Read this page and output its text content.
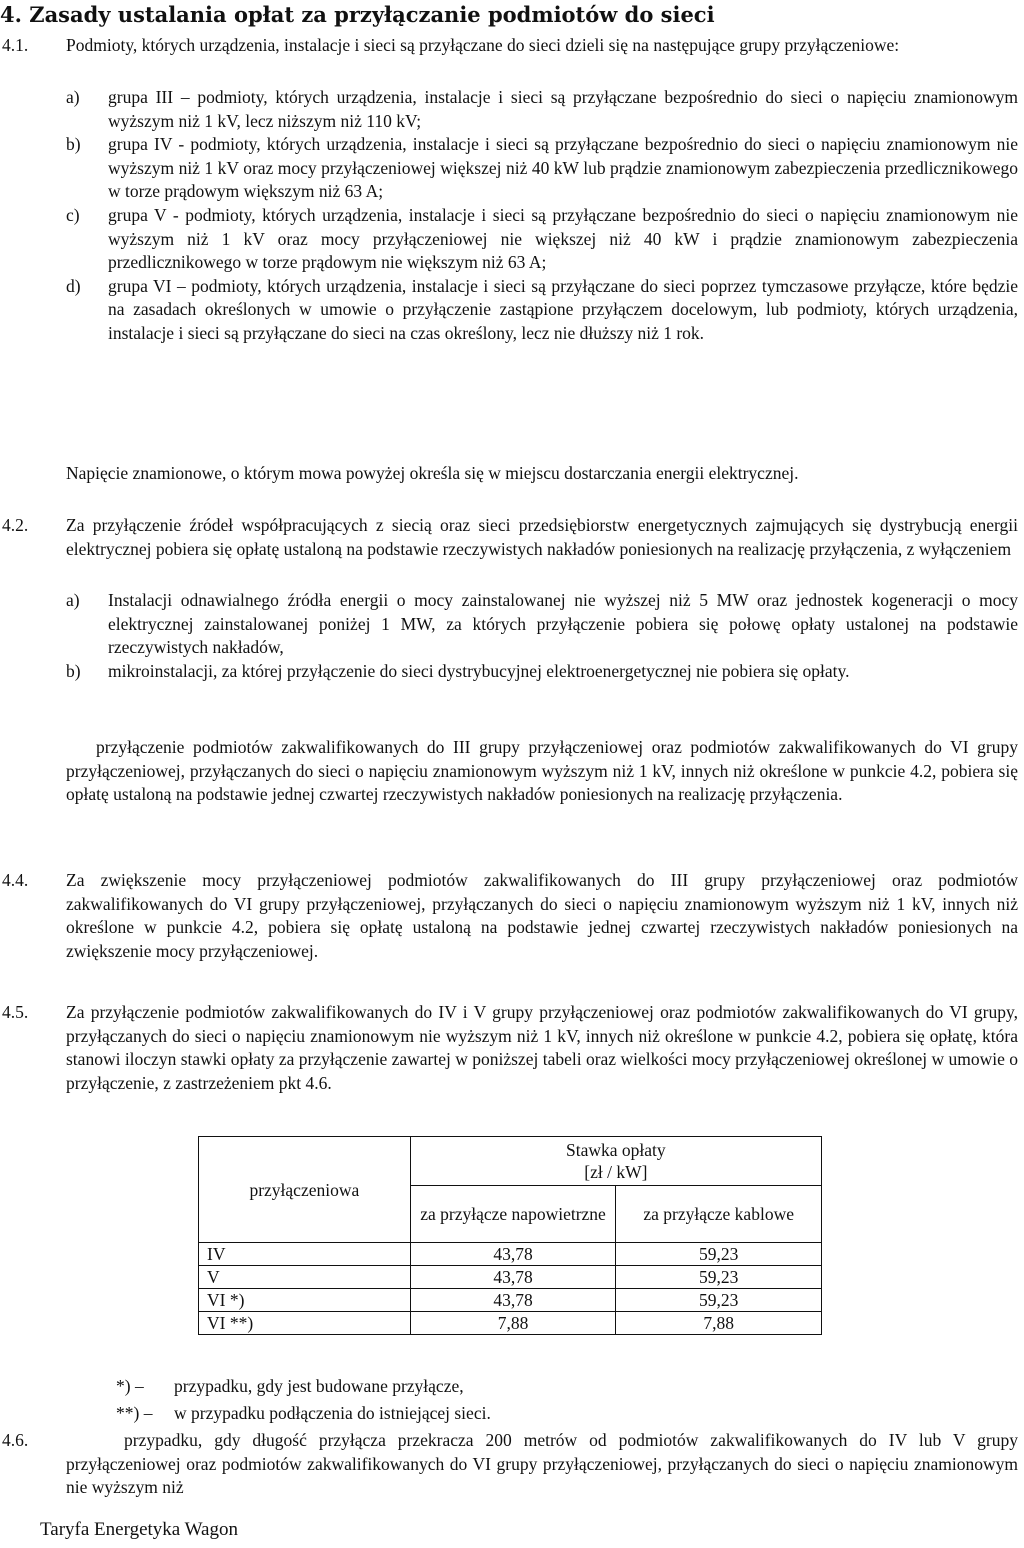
4. Zasady ustalania opłat za przyłączanie podmiotów do sieci
4.1. Podmioty, których urządzenia, instalacje i sieci są przyłączane do sieci dzieli się na następujące grupy przyłączeniowe:
a) grupa III – podmioty, których urządzenia, instalacje i sieci są przyłączane bezpośrednio do sieci o napięciu znamionowym wyższym niż 1 kV, lecz niższym niż 110 kV;
b) grupa IV - podmioty, których urządzenia, instalacje i sieci są przyłączane bezpośrednio do sieci o napięciu znamionowym nie wyższym niż 1 kV oraz mocy przyłączeniowej większej niż 40 kW lub prądzie znamionowym zabezpieczenia przedlicznikowego w torze prądowym większym niż 63 A;
c) grupa V - podmioty, których urządzenia, instalacje i sieci są przyłączane bezpośrednio do sieci o napięciu znamionowym nie wyższym niż 1 kV oraz mocy przyłączeniowej nie większej niż 40 kW i prądzie znamionowym zabezpieczenia przedlicznikowego w torze prądowym nie większym niż 63 A;
d) grupa VI – podmioty, których urządzenia, instalacje i sieci są przyłączane do sieci poprzez tymczasowe przyłącze, które będzie na zasadach określonych w umowie o przyłączenie zastąpione przyłączem docelowym, lub podmioty, których urządzenia, instalacje i sieci są przyłączane do sieci na czas określony, lecz nie dłuższy niż 1 rok.
Napięcie znamionowe, o którym mowa powyżej określa się w miejscu dostarczania energii elektrycznej.
4.2. Za przyłączenie źródeł współpracujących z siecią oraz sieci przedsiębiorstw energetycznych zajmujących się dystrybucją energii elektrycznej pobiera się opłatę ustaloną na podstawie rzeczywistych nakładów poniesionych na realizację przyłączenia, z wyłączeniem
a) Instalacji odnawialnego źródła energii o mocy zainstalowanej nie wyższej niż 5 MW oraz jednostek kogeneracji o mocy elektrycznej zainstalowanej poniżej 1 MW, za których przyłączenie pobiera się połowę opłaty ustalonej na podstawie rzeczywistych nakładów,
b) mikroinstalacji, za której przyłączenie do sieci dystrybucyjnej elektroenergetycznej nie pobiera się opłaty.
przyłączenie podmiotów zakwalifikowanych do III grupy przyłączeniowej oraz podmiotów zakwalifikowanych do VI grupy przyłączeniowej, przyłączanych do sieci o napięciu znamionowym wyższym niż 1 kV, innych niż określone w punkcie 4.2, pobiera się opłatę ustaloną na podstawie jednej czwartej rzeczywistych nakładów poniesionych na realizację przyłączenia.
4.4. Za zwiększenie mocy przyłączeniowej podmiotów zakwalifikowanych do III grupy przyłączeniowej oraz podmiotów zakwalifikowanych do VI grupy przyłączeniowej, przyłączanych do sieci o napięciu znamionowym wyższym niż 1 kV, innych niż określone w punkcie 4.2, pobiera się opłatę ustaloną na podstawie jednej czwartej rzeczywistych nakładów poniesionych na zwiększenie mocy przyłączeniowej.
4.5. Za przyłączenie podmiotów zakwalifikowanych do IV i V grupy przyłączeniowej oraz podmiotów zakwalifikowanych do VI grupy, przyłączanych do sieci o napięciu znamionowym nie wyższym niż 1 kV, innych niż określone w punkcie 4.2, pobiera się opłatę, która stanowi iloczyn stawki opłaty za przyłączenie zawartej w poniższej tabeli oraz wielkości mocy przyłączeniowej określonej w umowie o przyłączenie, z zastrzeżeniem pkt 4.6.
przyłączeniowa	Stawka opłaty
[zł / kW]	

	za przyłącze napowietrzne	za przyłącze kablowe
IV	43,78	59,23
V	43,78	59,23
VI *)	43,78	59,23
VI **)	7,88	7,88
*) – przypadku, gdy jest budowane przyłącze,
**) – w przypadku podłączenia do istniejącej sieci.
4.6.	przypadku, gdy długość przyłącza przekracza 200 metrów od podmiotów zakwalifikowanych do IV lub V grupy przyłączeniowej oraz podmiotów zakwalifikowanych do VI grupy przyłączeniowej, przyłączanych do sieci o napięciu znamionowym nie wyższym niż
Taryfa Energetyka Wagon
